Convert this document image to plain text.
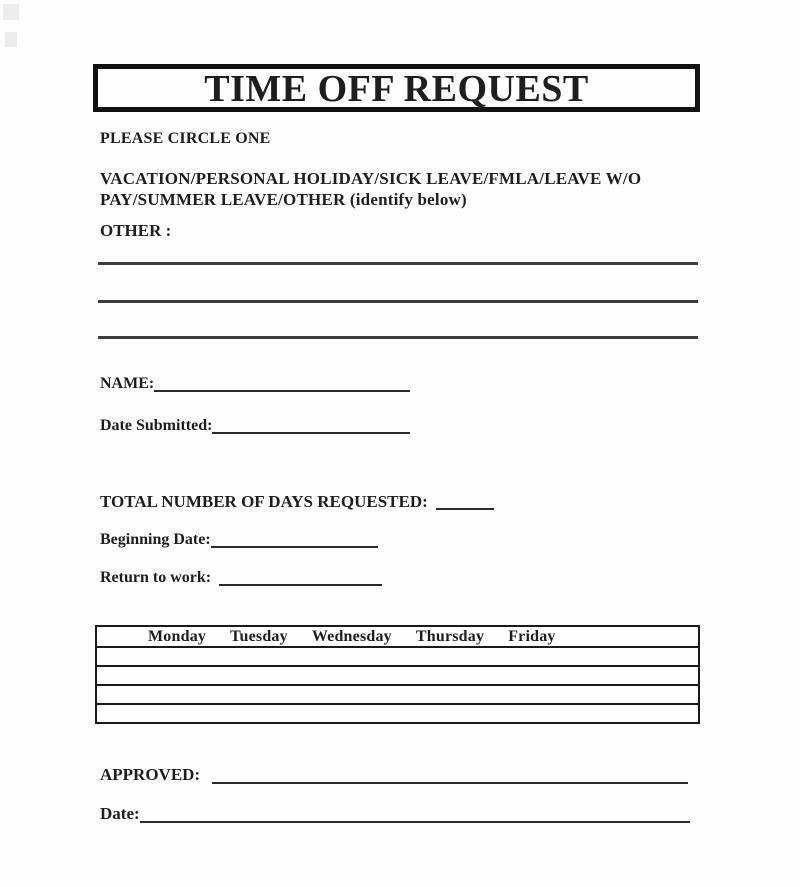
TIME OFF REQUEST
PLEASE CIRCLE ONE
VACATION/PERSONAL HOLIDAY/SICK LEAVE/FMLA/LEAVE W/O
PAY/SUMMER LEAVE/OTHER (identify below)
OTHER :
NAME:
Date Submitted:
TOTAL NUMBER OF DAYS REQUESTED:
Beginning Date:
Return to work:
Monday Tuesday Wednesday Thursday Friday
APPROVED:
Date:
